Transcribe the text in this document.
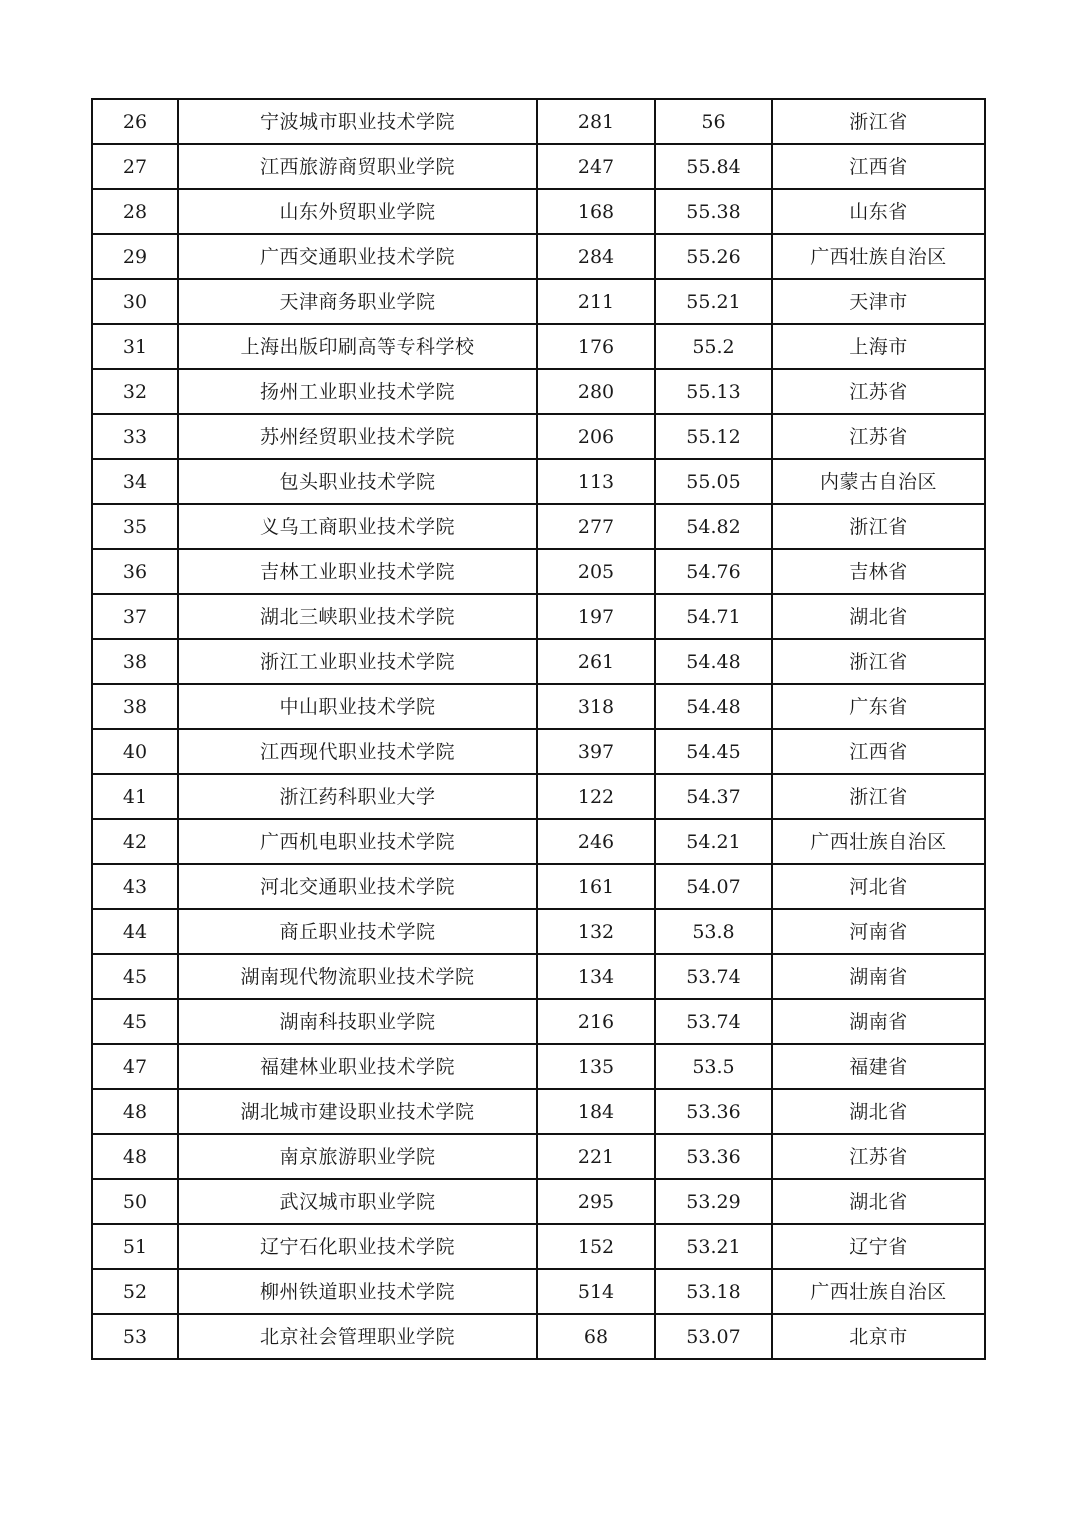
26	宁波城市职业技术学院	281	56	浙江省
27	江西旅游商贸职业学院	247	55.84	江西省
28	山东外贸职业学院	168	55.38	山东省
29	广西交通职业技术学院	284	55.26	广西壮族自治区
30	天津商务职业学院	211	55.21	天津市
31	上海出版印刷高等专科学校	176	55.2	上海市
32	扬州工业职业技术学院	280	55.13	江苏省
33	苏州经贸职业技术学院	206	55.12	江苏省
34	包头职业技术学院	113	55.05	内蒙古自治区
35	义乌工商职业技术学院	277	54.82	浙江省
36	吉林工业职业技术学院	205	54.76	吉林省
37	湖北三峡职业技术学院	197	54.71	湖北省
38	浙江工业职业技术学院	261	54.48	浙江省
38	中山职业技术学院	318	54.48	广东省
40	江西现代职业技术学院	397	54.45	江西省
41	浙江药科职业大学	122	54.37	浙江省
42	广西机电职业技术学院	246	54.21	广西壮族自治区
43	河北交通职业技术学院	161	54.07	河北省
44	商丘职业技术学院	132	53.8	河南省
45	湖南现代物流职业技术学院	134	53.74	湖南省
45	湖南科技职业学院	216	53.74	湖南省
47	福建林业职业技术学院	135	53.5	福建省
48	湖北城市建设职业技术学院	184	53.36	湖北省
48	南京旅游职业学院	221	53.36	江苏省
50	武汉城市职业学院	295	53.29	湖北省
51	辽宁石化职业技术学院	152	53.21	辽宁省
52	柳州铁道职业技术学院	514	53.18	广西壮族自治区
53	北京社会管理职业学院	68	53.07	北京市
